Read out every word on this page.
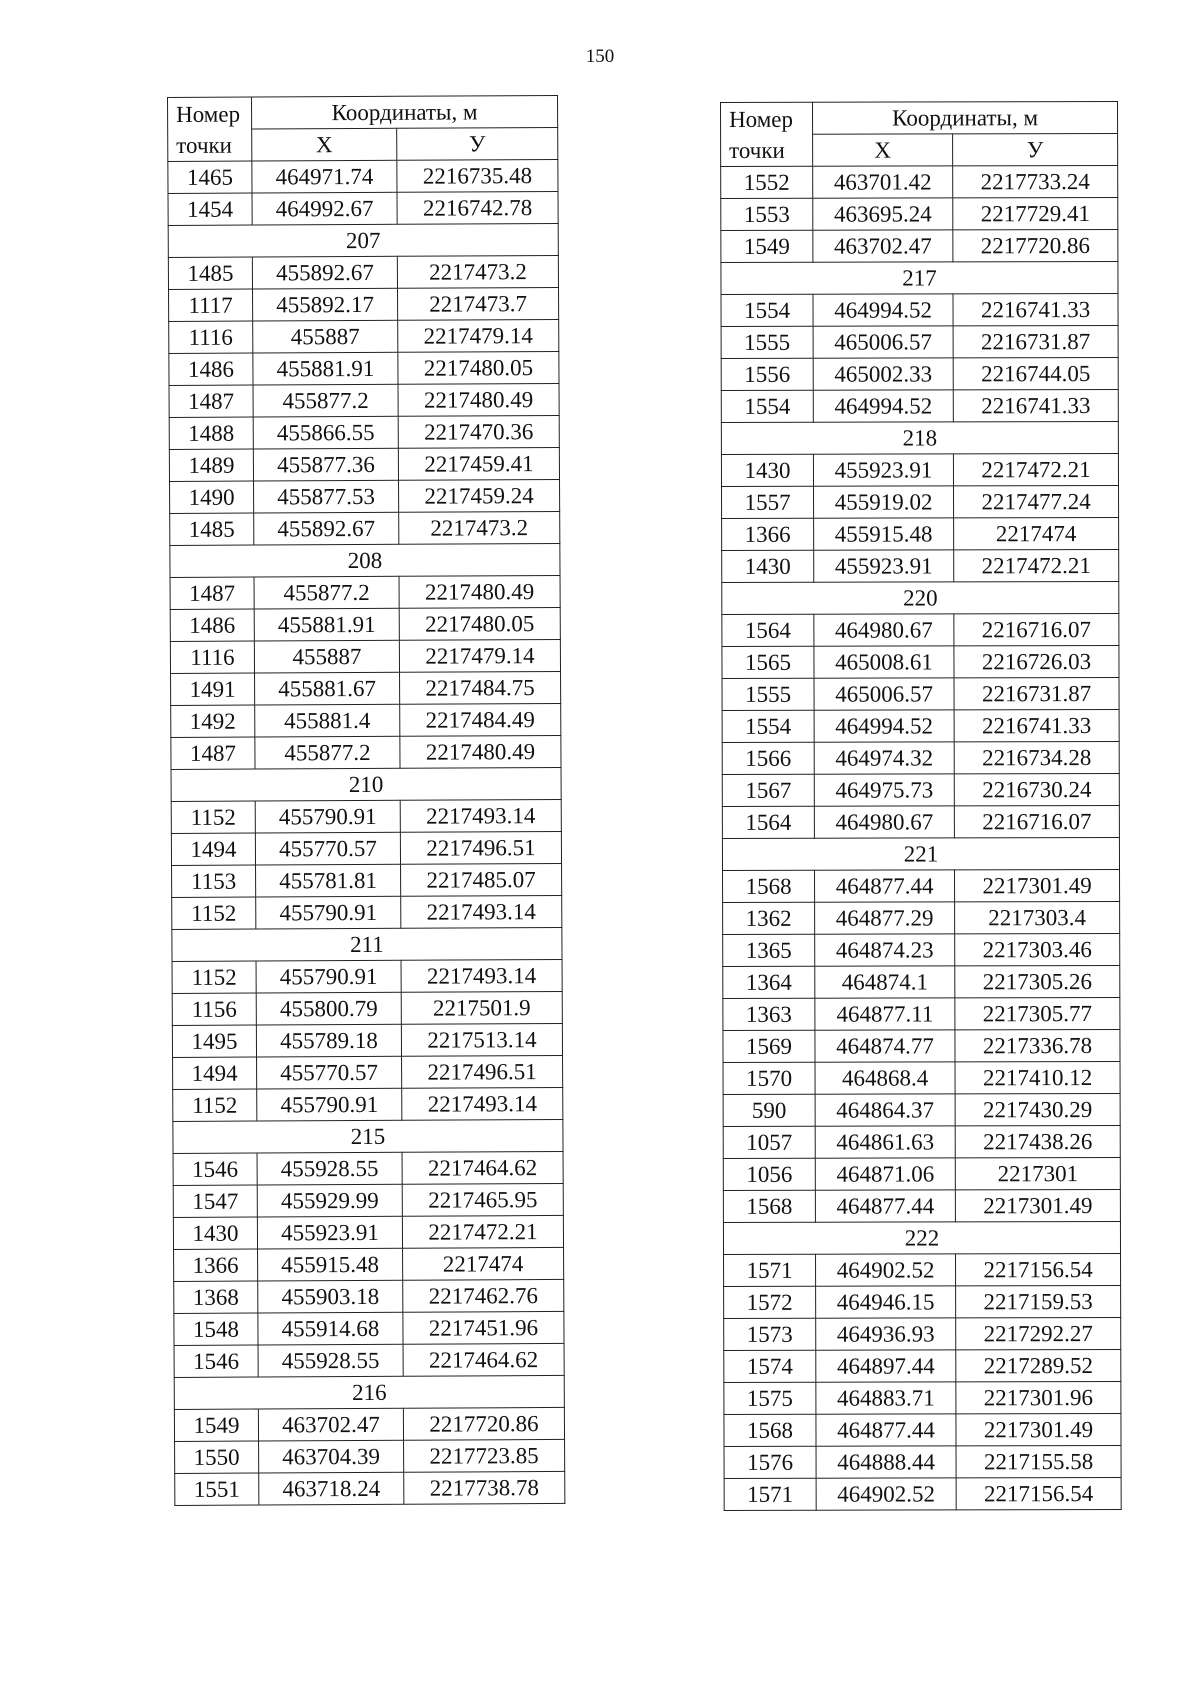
150
Номер
точки	Координаты, м	
	X	У
1465	464971.74	2216735.48
1454	464992.67	2216742.78
207		
1485	455892.67	2217473.2
1117	455892.17	2217473.7
1116	455887	2217479.14
1486	455881.91	2217480.05
1487	455877.2	2217480.49
1488	455866.55	2217470.36
1489	455877.36	2217459.41
1490	455877.53	2217459.24
1485	455892.67	2217473.2
208		
1487	455877.2	2217480.49
1486	455881.91	2217480.05
1116	455887	2217479.14
1491	455881.67	2217484.75
1492	455881.4	2217484.49
1487	455877.2	2217480.49
210		
1152	455790.91	2217493.14
1494	455770.57	2217496.51
1153	455781.81	2217485.07
1152	455790.91	2217493.14
211		
1152	455790.91	2217493.14
1156	455800.79	2217501.9
1495	455789.18	2217513.14
1494	455770.57	2217496.51
1152	455790.91	2217493.14
215		
1546	455928.55	2217464.62
1547	455929.99	2217465.95
1430	455923.91	2217472.21
1366	455915.48	2217474
1368	455903.18	2217462.76
1548	455914.68	2217451.96
1546	455928.55	2217464.62
216		
1549	463702.47	2217720.86
1550	463704.39	2217723.85
1551	463718.24	2217738.78
Номер
точки	Координаты, м	
	X	У
1552	463701.42	2217733.24
1553	463695.24	2217729.41
1549	463702.47	2217720.86
217		
1554	464994.52	2216741.33
1555	465006.57	2216731.87
1556	465002.33	2216744.05
1554	464994.52	2216741.33
218		
1430	455923.91	2217472.21
1557	455919.02	2217477.24
1366	455915.48	2217474
1430	455923.91	2217472.21
220		
1564	464980.67	2216716.07
1565	465008.61	2216726.03
1555	465006.57	2216731.87
1554	464994.52	2216741.33
1566	464974.32	2216734.28
1567	464975.73	2216730.24
1564	464980.67	2216716.07
221		
1568	464877.44	2217301.49
1362	464877.29	2217303.4
1365	464874.23	2217303.46
1364	464874.1	2217305.26
1363	464877.11	2217305.77
1569	464874.77	2217336.78
1570	464868.4	2217410.12
590	464864.37	2217430.29
1057	464861.63	2217438.26
1056	464871.06	2217301
1568	464877.44	2217301.49
222		
1571	464902.52	2217156.54
1572	464946.15	2217159.53
1573	464936.93	2217292.27
1574	464897.44	2217289.52
1575	464883.71	2217301.96
1568	464877.44	2217301.49
1576	464888.44	2217155.58
1571	464902.52	2217156.54
